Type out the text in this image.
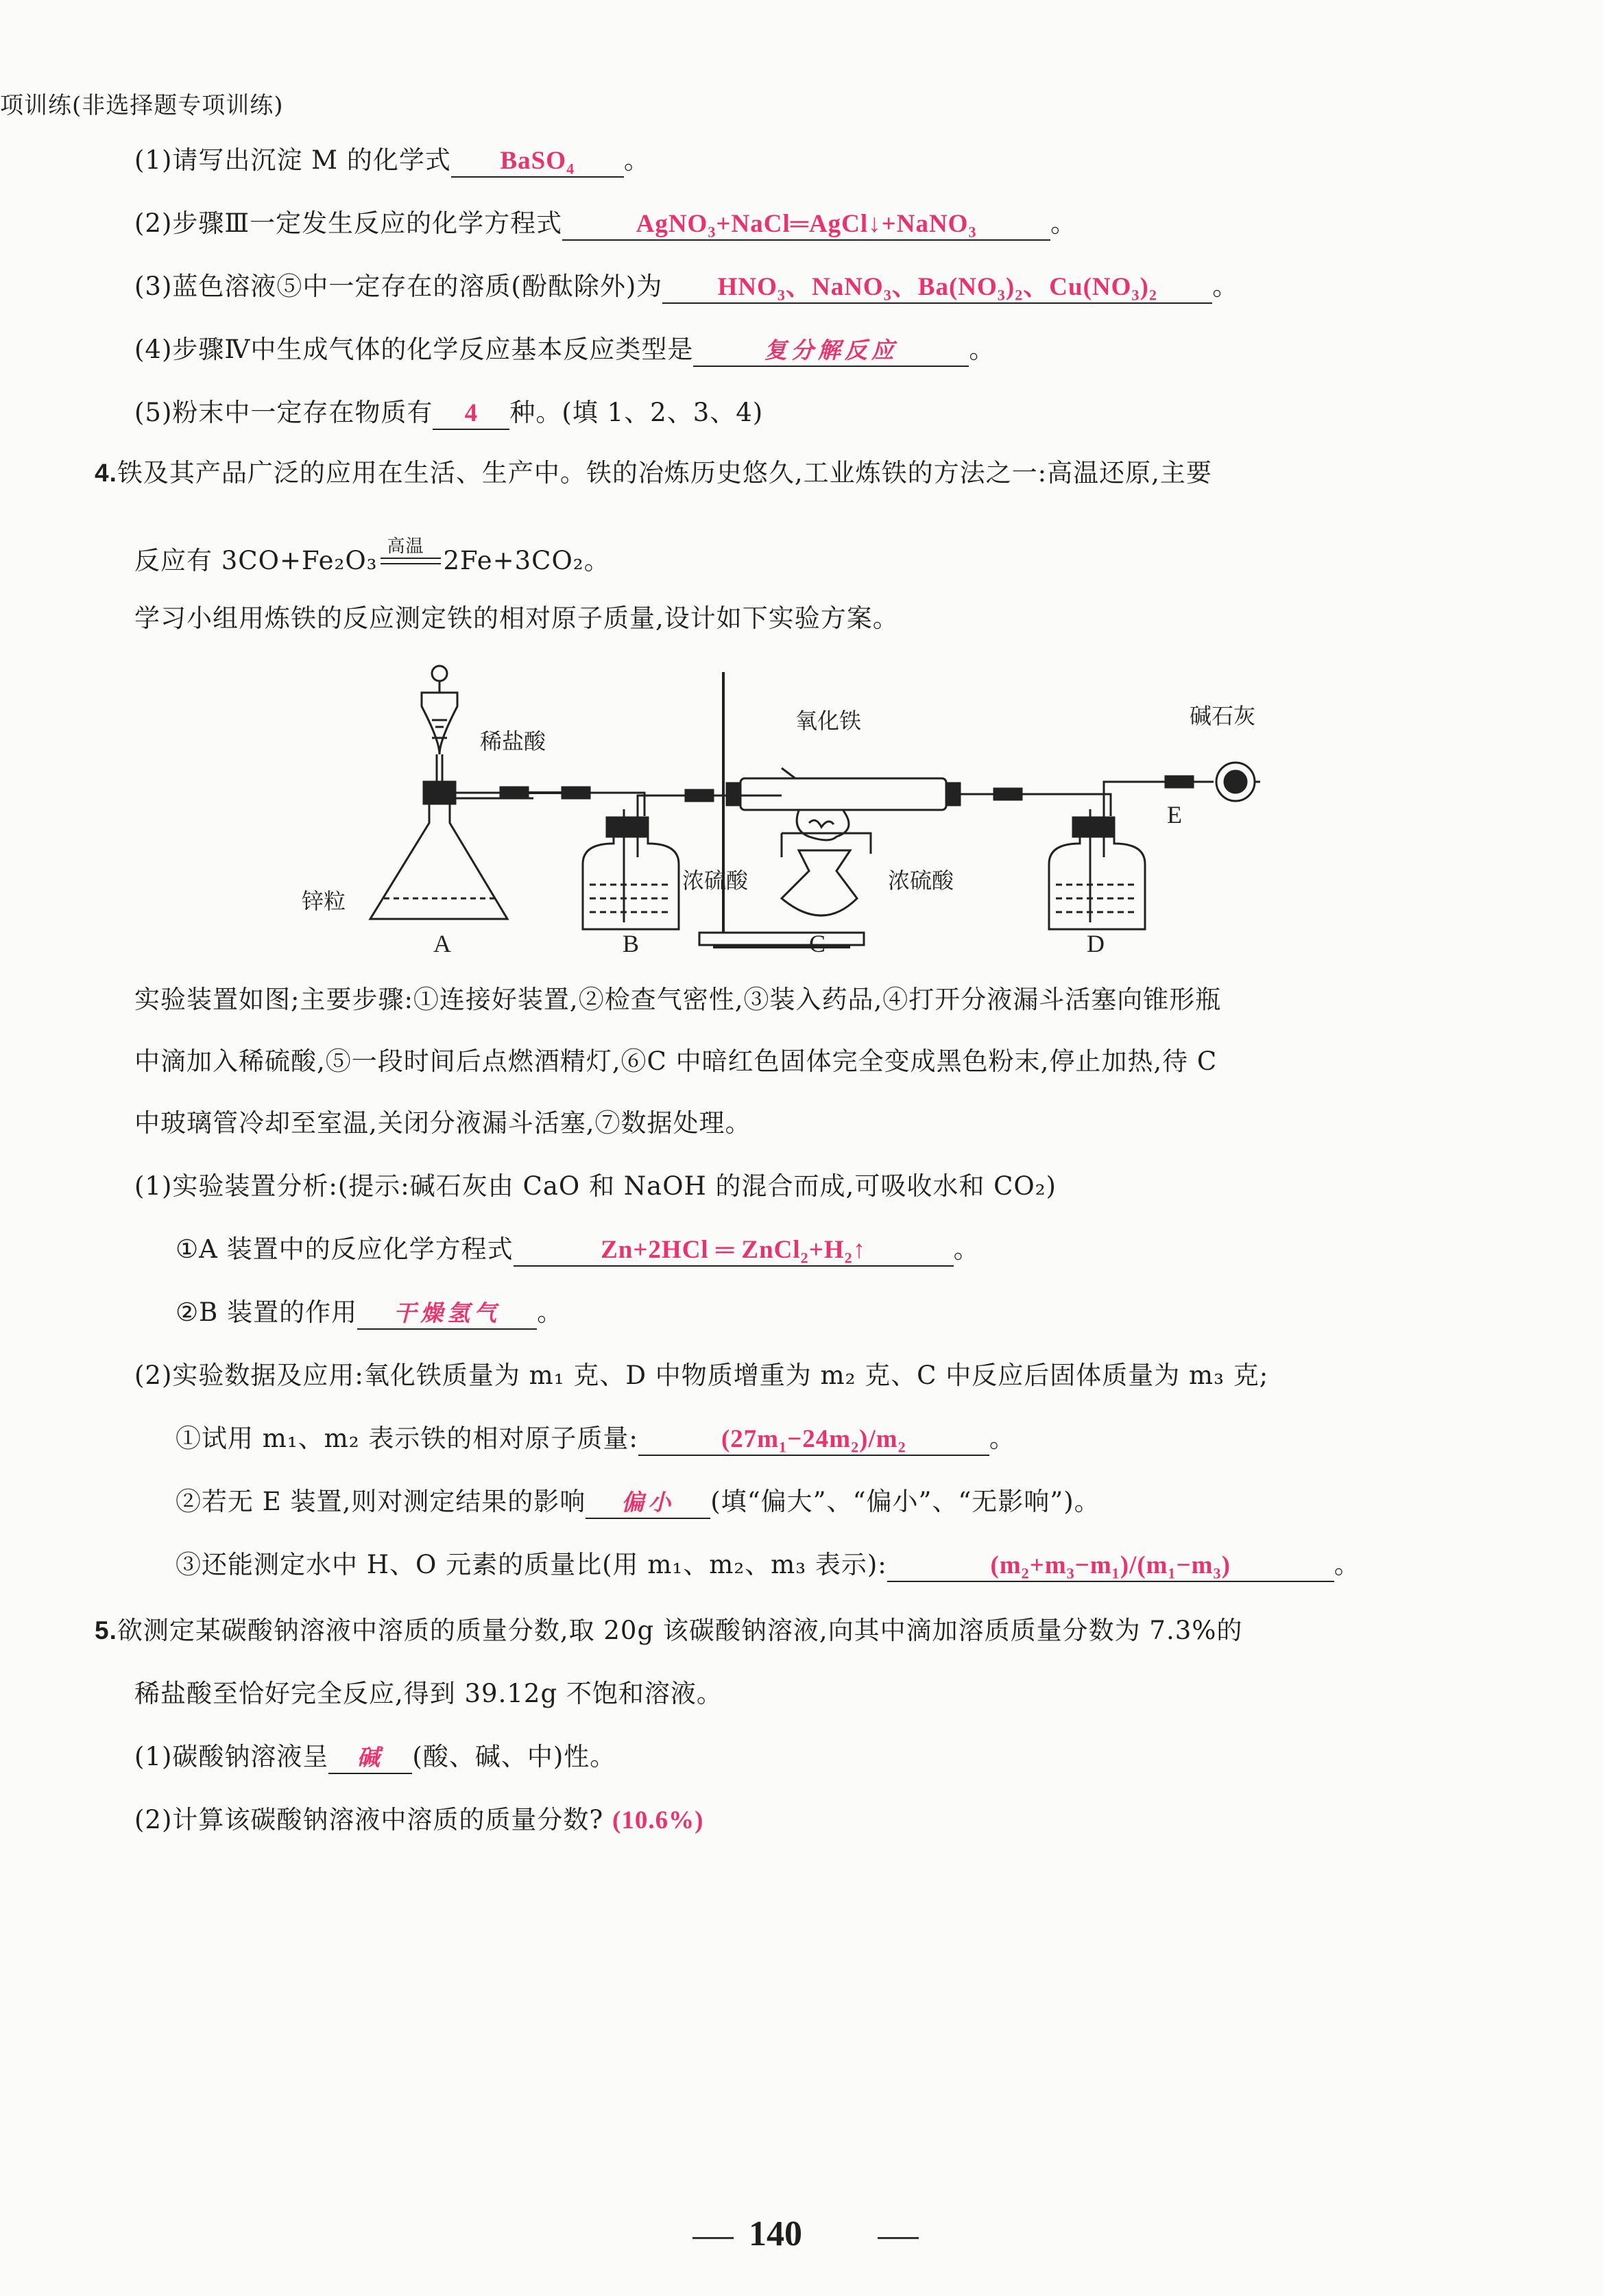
项训练(非选择题专项训练)
(1)请写出沉淀 M 的化学式 BaSO₄ 。
(2)步骤Ⅲ一定发生反应的化学方程式	AgNO₃+NaCl═AgCl↓+NaNO₃	。
(3)蓝色溶液⑤中一定存在的溶质(酚酞除外)为 HNO₃、NaNO₃、Ba(NO₃)₂、Cu(NO₃)₂ 。
(4)步骤Ⅳ中生成气体的化学反应基本反应类型是	复分解反应	。
(5)粉末中一定存在物质有 4 种。(填 1、2、3、4)
4.铁及其产品广泛的应用在生活、生产中。铁的冶炼历史悠久,工业炼铁的方法之一:高温还原,主要
反应有 3CO+Fe₂O₃ 高温 2Fe+3CO₂。
学习小组用炼铁的反应测定铁的相对原子质量,设计如下实验方案。
稀盐酸
锌粒
浓硫酸
氧化铁
浓硫酸
碱石灰
A	B	C	D
E
实验装置如图;主要步骤:①连接好装置,②检查气密性,③装入药品,④打开分液漏斗活塞向锥形瓶
中滴加入稀硫酸,⑤一段时间后点燃酒精灯,⑥C 中暗红色固体完全变成黑色粉末,停止加热,待 C
中玻璃管冷却至室温,关闭分液漏斗活塞,⑦数据处理。
(1)实验装置分析:(提示:碱石灰由 CaO 和 NaOH 的混合而成,可吸收水和 CO₂)
①A 装置中的反应化学方程式	Zn+2HCl ═ ZnCl₂+H₂↑	。
②B 装置的作用 干燥氢气 。
(2)实验数据及应用:氧化铁质量为 m₁ 克、D 中物质增重为 m₂ 克、C 中反应后固体质量为 m₃ 克;
①试用 m₁、m₂ 表示铁的相对原子质量:	(27m₁−24m₂)/m₂	。
②若无 E 装置,则对测定结果的影响 偏小 (填“偏大”、“偏小”、“无影响”)。
③还能测定水中 H、O 元素的质量比(用 m₁、m₂、m₃ 表示):	(m₂+m₃−m₁)/(m₁−m₃)	。
5.欲测定某碳酸钠溶液中溶质的质量分数,取 20g 该碳酸钠溶液,向其中滴加溶质质量分数为 7.3%的
稀盐酸至恰好完全反应,得到 39.12g 不饱和溶液。
(1)碳酸钠溶液呈 碱 (酸、碱、中)性。
(2)计算该碳酸钠溶液中溶质的质量分数? (10.6%)
140
